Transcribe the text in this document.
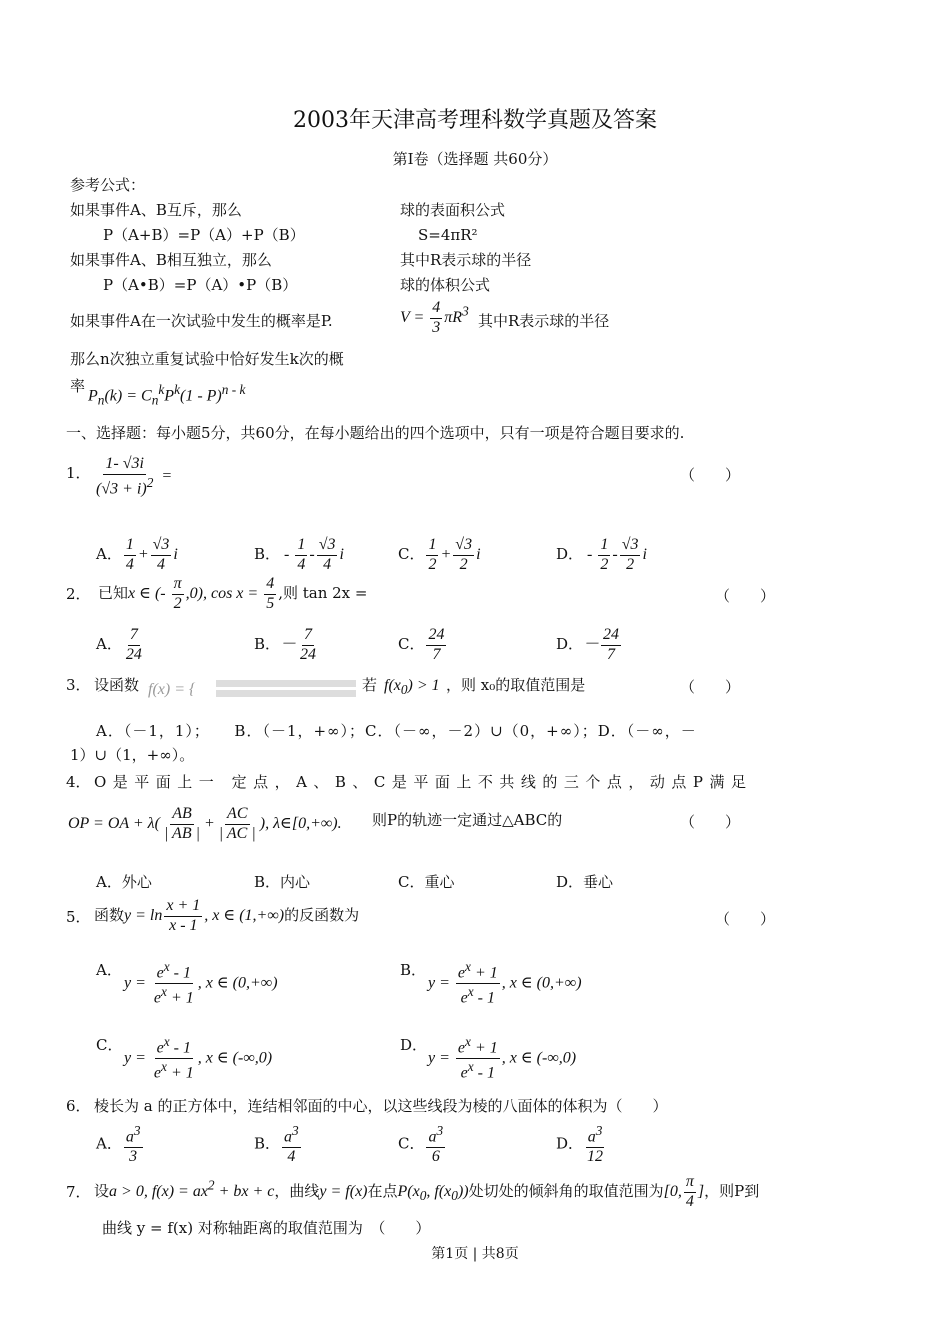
2003年天津高考理科数学真题及答案
第Ⅰ卷（选择题 共60分）
参考公式：
如果事件A、B互斥，那么
P（A+B）=P（A）+P（B）
如果事件A、B相互独立，那么
P（A•B）=P（A）•P（B）
如果事件A在一次试验中发生的概率是P.
那么n次独立重复试验中恰好发生k次的概
率
$P_n(k) = C_n^kP^k(1 - P)^{n - k}$
球的表面积公式
S=4πR²
其中R表示球的半径
球的体积公式
$V = \frac{4}{3} \pi R^3$
其中R表示球的半径
一、选择题：每小题5分，共60分，在每小题给出的四个选项中，只有一项是符合题目要求的.
1． $\frac{1- √3i}{(√3 + i)^2}$ =	（　　）
A． $\frac{1}{4} + \frac{√3}{4}$ i	B． - $\frac{1}{4} - \frac{√3}{4}$ i	C． $\frac{1}{2} + \frac{√3}{2}$ i	D． - $\frac{1}{2} - \frac{√3}{2}$ i
2． 已知x ∈ (- $\frac{\pi}{2} ,0$), $\cos x = \frac{4}{5}$ ,则 tan 2x =	（　　）
A． $\frac{7}{24}$	B．－ $\frac{7}{24}$	C． $\frac{24}{7}$	D．－ $\frac{24}{7}$
3． 设函数 f(x) = {	若 $f(x_0) > 1$ ，则 x₀的取值范围是	（　　）
A．（－1，1）；　　B．（－1，+∞）；C．（－∞，－2）∪（0，+∞）；D．（－∞，－
1）∪（1，+∞）。
4． O是平面上一 定点，A、B、C是平面上不共线的三个点，动点P满足
OP = OA + $\lambda( \frac{AB}{| AB |} + \frac{AC}{| AC |}$ ), λ∈[0,+∞). 则P的轨迹一定通过△ABC的	（　　）
A．外心	B．内心	C．重心	D．垂心
5． 函数$y = \ln \frac{x + 1}{x - 1}$ , x ∈ (1,+∞)的反函数为	（　　）
A．
$y = \frac{e^x - 1}{e^x + 1}$ , x ∈ (0,+∞)
B．
$y = \frac{e^x + 1}{e^x - 1}$ , x ∈ (0,+∞)
C．
$y = \frac{e^x - 1}{e^x + 1}$ , x ∈ (-∞,0)
D．
$y = \frac{e^x + 1}{e^x - 1}$ , x ∈ (-∞,0)
6． 棱长为 a 的正方体中，连结相邻面的中心，以这些线段为棱的八面体的体积为（　　）
A． $\frac{a^3}{3}$	B． $\frac{a^3}{4}$	C． $\frac{a^3}{6}$	D． $\frac{a^3}{12}$
7． 设a > 0, $f(x) = ax^2$ + bx + c，曲线y = f(x)在点$P(x_0$, $f(x_0)$)处切处的倾斜角的取值范围为[0, $\frac{\pi}{4}$ ]，则P到
曲线 y = f(x) 对称轴距离的取值范围为　（　　）
第1页 | 共8页
